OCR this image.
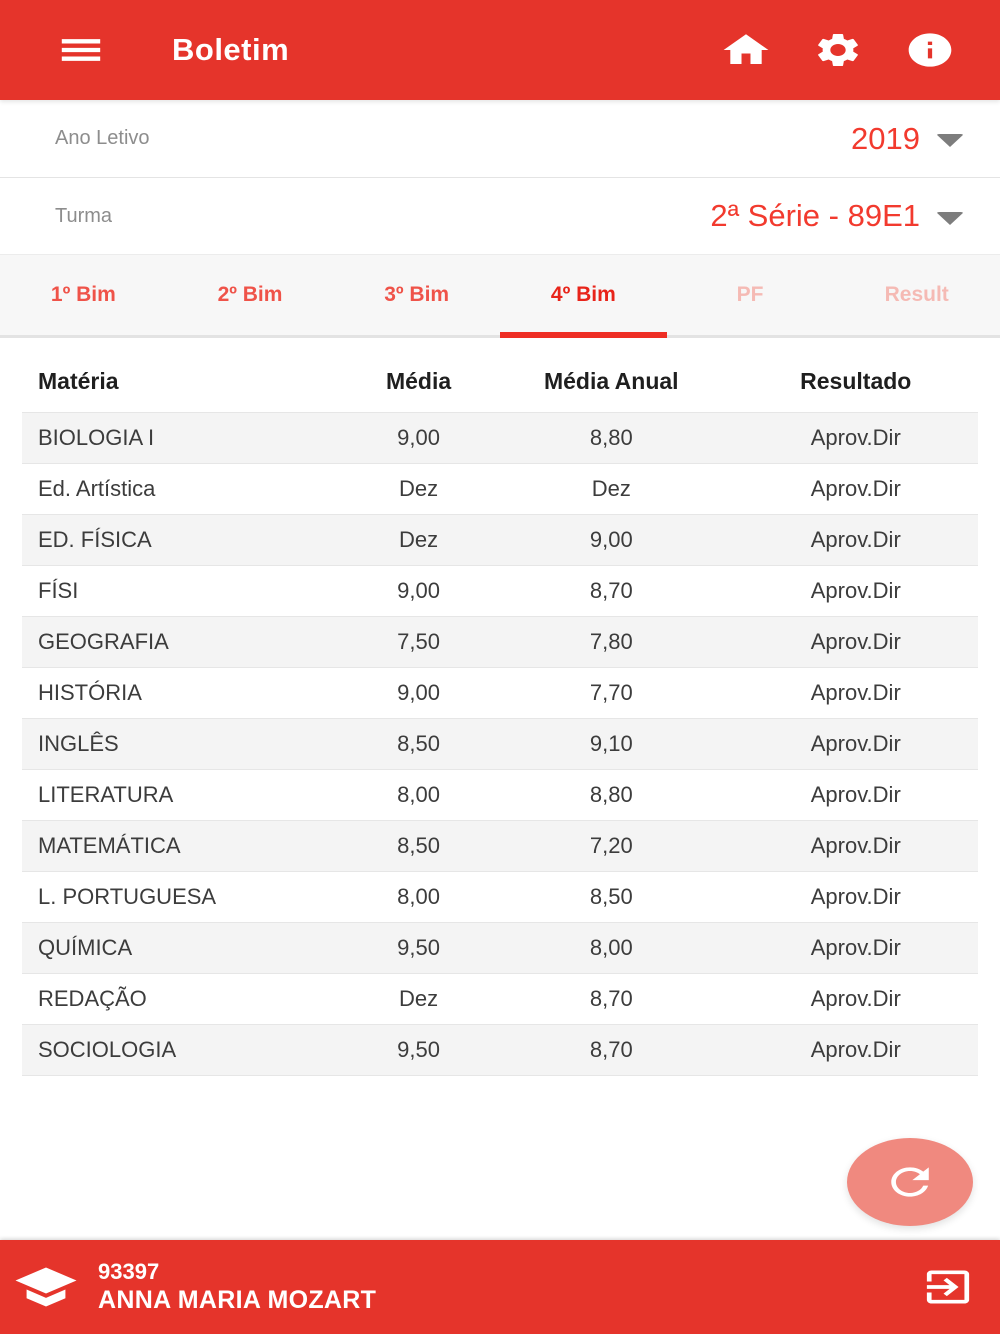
Boletim
Ano Letivo	2019
Turma	2ª Série - 89E1
1º Bim	2º Bim	3º Bim	4º Bim	PF	Result
Matéria	Média	Média Anual	Resultado
BIOLOGIA I	9,00	8,80	Aprov.Dir
Ed. Artística	Dez	Dez	Aprov.Dir
ED. FÍSICA	Dez	9,00	Aprov.Dir
FÍSI	9,00	8,70	Aprov.Dir
GEOGRAFIA	7,50	7,80	Aprov.Dir
HISTÓRIA	9,00	7,70	Aprov.Dir
INGLÊS	8,50	9,10	Aprov.Dir
LITERATURA	8,00	8,80	Aprov.Dir
MATEMÁTICA	8,50	7,20	Aprov.Dir
L. PORTUGUESA	8,00	8,50	Aprov.Dir
QUÍMICA	9,50	8,00	Aprov.Dir
REDAÇÃO	Dez	8,70	Aprov.Dir
SOCIOLOGIA	9,50	8,70	Aprov.Dir
93397
ANNA MARIA MOZART
